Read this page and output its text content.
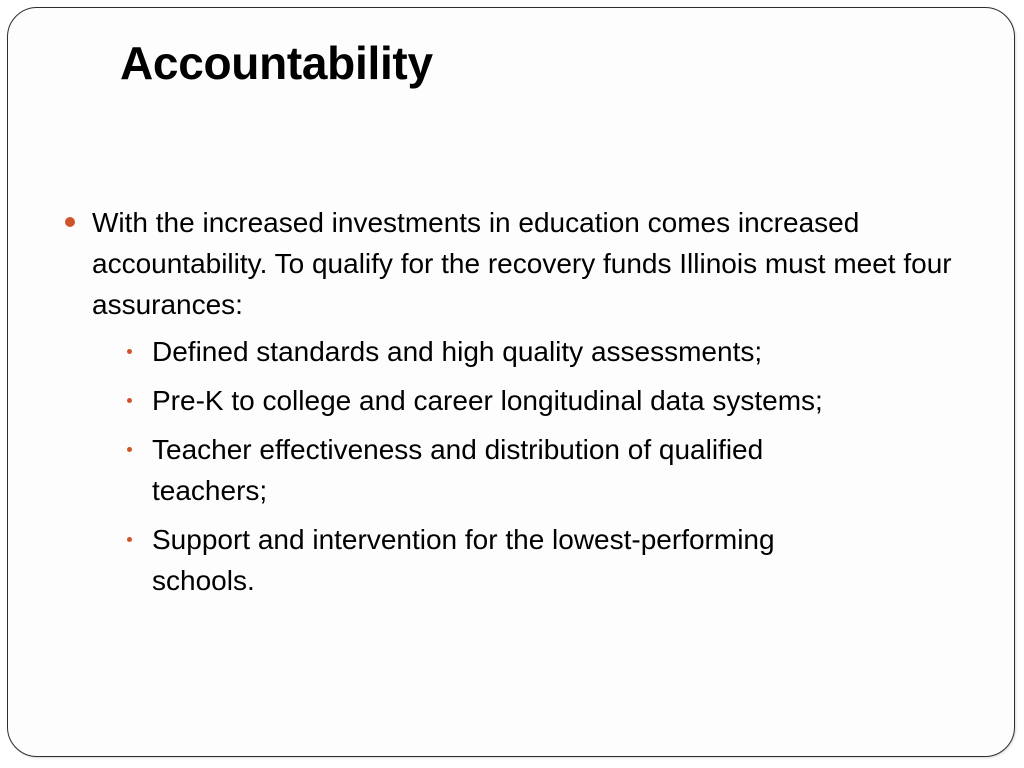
Accountability
With the increased investments in education comes increased accountability. To qualify for the recovery funds Illinois must meet four assurances:
Defined standards and high quality assessments;
Pre-K to college and career longitudinal data systems;
Teacher effectiveness and distribution of qualified teachers;
Support and intervention for the lowest-performing schools.
